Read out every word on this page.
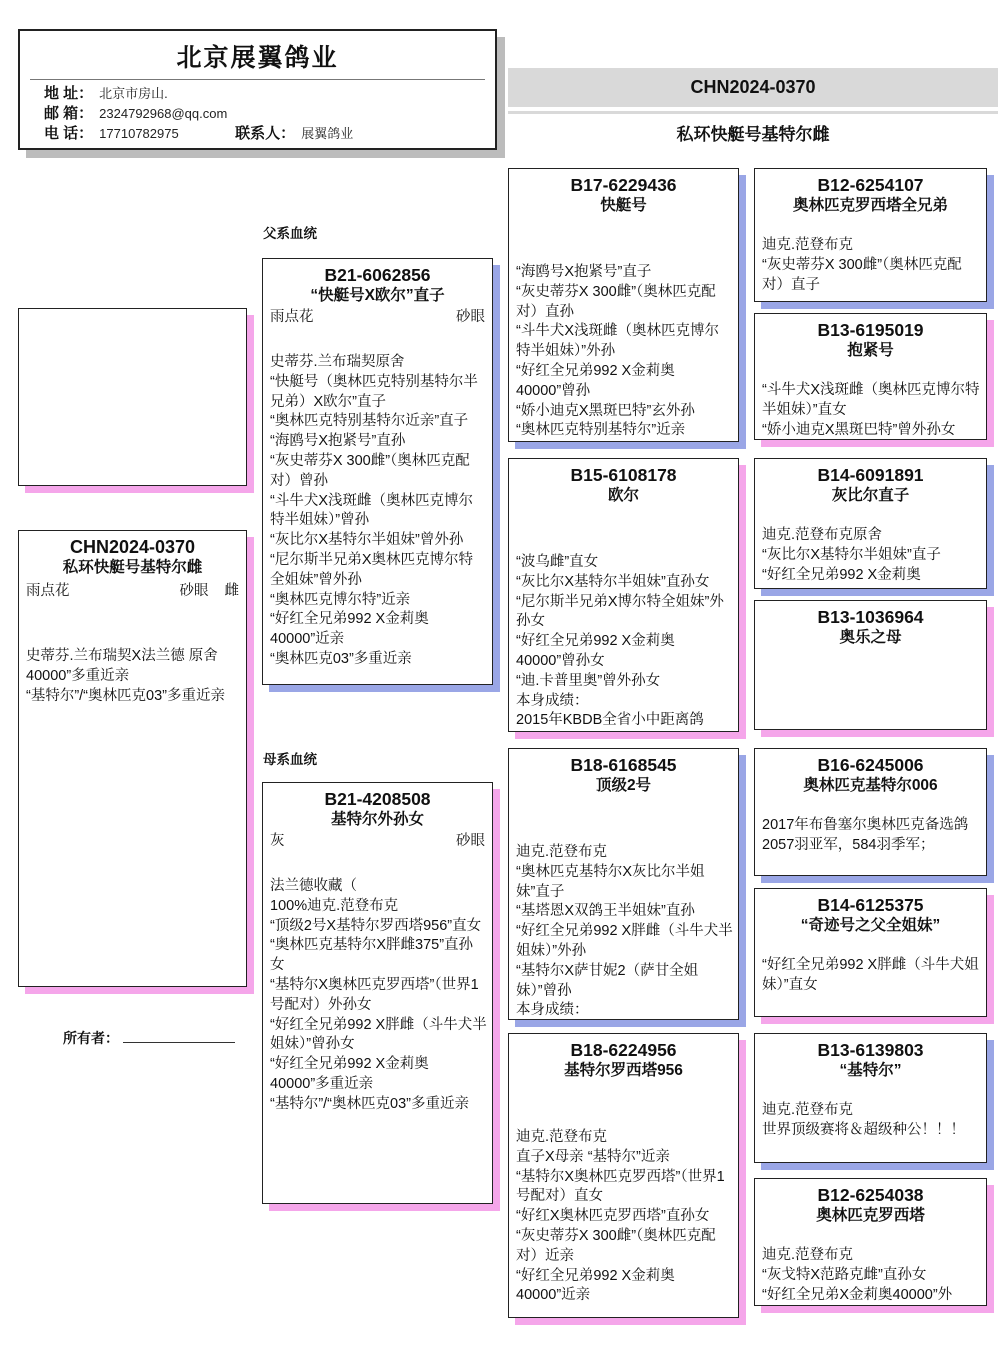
北京展翼鸽业
地 址： 北京市房山.
邮 箱： 2324792968@qq.com
电 话： 17710782975	联系人： 展翼鸽业
CHN2024-0370
私环快艇号基特尔雌
CHN2024-0370
私环快艇号基特尔雌
雨点花	砂眼 雌
史蒂芬.兰布瑞契X法兰德 原舍
40000”多重近亲
“基特尔”/“奥林匹克03”多重近亲
所有者：
父系血统
母系血统
B21-6062856
“快艇号X欧尔”直子
雨点花	砂眼
史蒂芬.兰布瑞契原舍
“快艇号（奥林匹克特别基特尔半兄弟）X欧尔”直子
“奥林匹克特别基特尔近亲”直子
“海鸥号X抱紧号”直孙
“灰史蒂芬X 300雌”（奥林匹克配对）曾孙
“斗牛犬X浅斑雌（奥林匹克博尔特半姐妹）”曾孙
“灰比尔X基特尔半姐妹”曾外孙
“尼尔斯半兄弟X奥林匹克博尔特全姐妹”曾外孙
“奥林匹克博尔特”近亲
“好红全兄弟992 X金莉奥
40000”近亲
“奥林匹克03”多重近亲
B21-4208508
基特尔外孙女
灰	砂眼
法兰德收藏（
100%迪克.范登布克
“顶级2号X基特尔罗西塔956”直女
“奥林匹克基特尔X胖雌375”直孙女
“基特尔X奥林匹克罗西塔”（世界1号配对）外孙女
“好红全兄弟992 X胖雌（斗牛犬半姐妹）”曾孙女
“好红全兄弟992 X金莉奥
40000”多重近亲
“基特尔”/“奥林匹克03”多重近亲
B17-6229436
快艇号
“海鸥号X抱紧号”直子
“灰史蒂芬X 300雌”（奥林匹克配对）直孙
“斗牛犬X浅斑雌（奥林匹克博尔特半姐妹）”外孙
“好红全兄弟992 X金莉奥
40000”曾孙
“娇小迪克X黑斑巴特”玄外孙
“奥林匹克特别基特尔”近亲
B15-6108178
欧尔
“波乌雌”直女
“灰比尔X基特尔半姐妹”直孙女
“尼尔斯半兄弟X博尔特全姐妹”外孙女
“好红全兄弟992 X金莉奥
40000”曾孙女
“迪.卡普里奥”曾外孙女
本身成绩：
2015年KBDB全省小中距离鸽
B18-6168545
顶级2号
迪克.范登布克
“奥林匹克基特尔X灰比尔半姐妹”直子
“基塔恩X双鸽王半姐妹”直孙
“好红全兄弟992 X胖雌（斗牛犬半姐妹）”外孙
“基特尔X萨甘妮2（萨甘全姐妹）”曾孙
本身成绩：
B18-6224956
基特尔罗西塔956
迪克.范登布克
直子X母亲 “基特尔”近亲
“基特尔X奥林匹克罗西塔”（世界1号配对）直女
“好红X奥林匹克罗西塔”直孙女
“灰史蒂芬X 300雌”（奥林匹克配对）近亲
“好红全兄弟992 X金莉奥
40000”近亲
B12-6254107
奥林匹克罗西塔全兄弟
迪克.范登布克
“灰史蒂芬X 300雌”（奥林匹克配对）直子
B13-6195019
抱紧号
“斗牛犬X浅斑雌（奥林匹克博尔特半姐妹）”直女
“娇小迪克X黑斑巴特”曾外孙女
B14-6091891
灰比尔直子
迪克.范登布克原舍
“灰比尔X基特尔半姐妹”直子
“好红全兄弟992 X金莉奥
B13-1036964
奥乐之母
B16-6245006
奥林匹克基特尔006
2017年布鲁塞尔奥林匹克备选鸽
2057羽亚军，584羽季军；
B14-6125375
“奇迹号之父全姐妹”
“好红全兄弟992 X胖雌（斗牛犬姐妹）”直女
B13-6139803
“基特尔”
迪克.范登布克
世界顶级赛将＆超级种公！！！
B12-6254038
奥林匹克罗西塔
迪克.范登布克
“灰戈特X范路克雌”直孙女
“好红全兄弟X金莉奥40000”外
